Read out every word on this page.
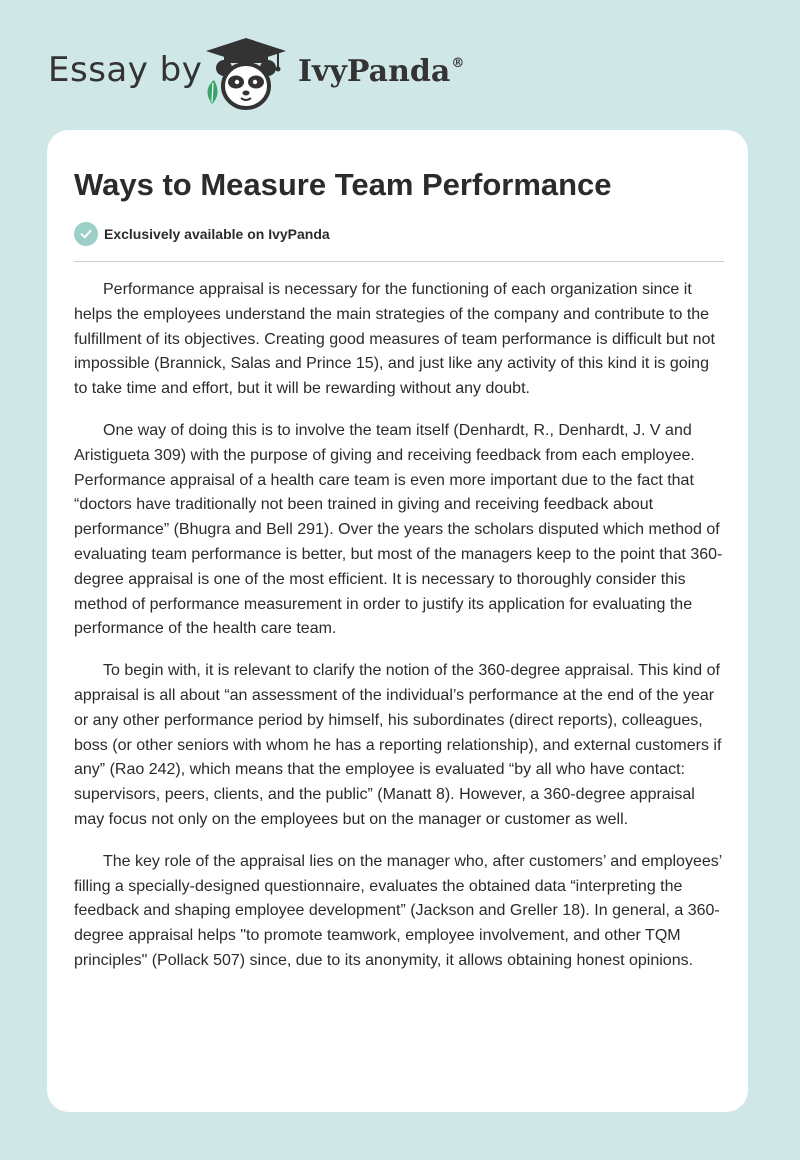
Essay by	IvyPanda®
Ways to Measure Team Performance
Exclusively available on IvyPanda

Performance appraisal is necessary for the functioning of each organization since it helps the employees understand the main strategies of the company and contribute to the fulfillment of its objectives. Creating good measures of team performance is difficult but not impossible (Brannick, Salas and Prince 15), and just like any activity of this kind it is going to take time and effort, but it will be rewarding without any doubt.

One way of doing this is to involve the team itself (Denhardt, R., Denhardt, J. V and Aristigueta 309) with the purpose of giving and receiving feedback from each employee. Performance appraisal of a health care team is even more important due to the fact that “doctors have traditionally not been trained in giving and receiving feedback about performance” (Bhugra and Bell 291). Over the years the scholars disputed which method of evaluating team performance is better, but most of the managers keep to the point that 360-degree appraisal is one of the most efficient. It is necessary to thoroughly consider this method of performance measurement in order to justify its application for evaluating the performance of the health care team.

To begin with, it is relevant to clarify the notion of the 360-degree appraisal. This kind of appraisal is all about “an assessment of the individual’s performance at the end of the year or any other performance period by himself, his subordinates (direct reports), colleagues, boss (or other seniors with whom he has a reporting relationship), and external customers if any” (Rao 242), which means that the employee is evaluated “by all who have contact: supervisors, peers, clients, and the public” (Manatt 8). However, a 360-degree appraisal may focus not only on the employees but on the manager or customer as well.

The key role of the appraisal lies on the manager who, after customers’ and employees’ filling a specially-designed questionnaire, evaluates the obtained data “interpreting the feedback and shaping employee development” (Jackson and Greller 18). In general, a 360-degree appraisal helps "to promote teamwork, employee involvement, and other TQM principles" (Pollack 507) since, due to its anonymity, it allows obtaining honest opinions.
